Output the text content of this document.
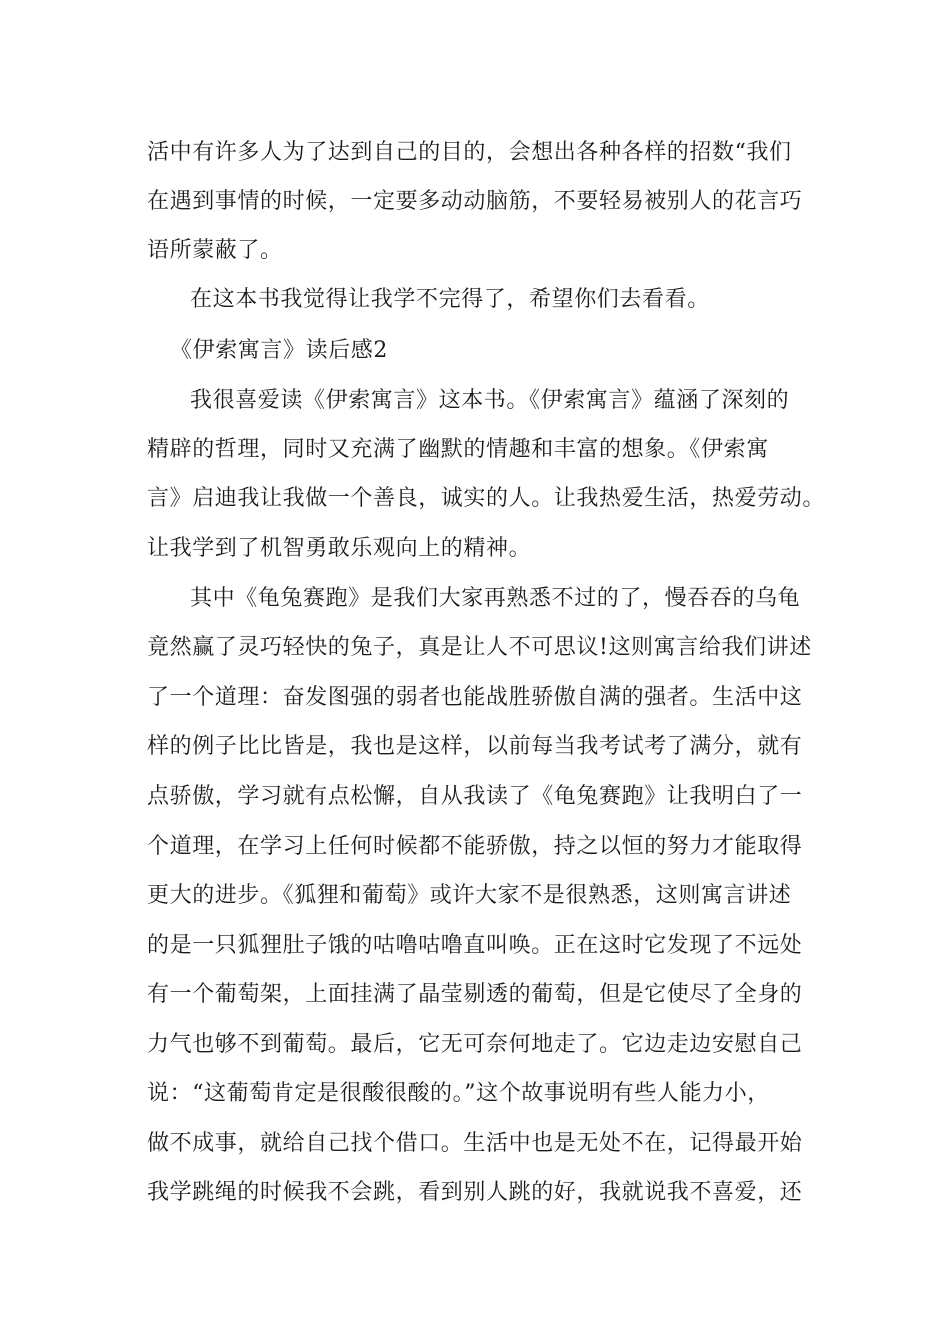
活中有许多人为了达到自己的目的，会想出各种各样的招数“我们
在遇到事情的时候，一定要多动动脑筋，不要轻易被别人的花言巧
语所蒙蔽了。
在这本书我觉得让我学不完得了，希望你们去看看。
《伊索寓言》读后感2
我很喜爱读《伊索寓言》这本书。《伊索寓言》蕴涵了深刻的
精辟的哲理，同时又充满了幽默的情趣和丰富的想象。《伊索寓
言》启迪我让我做一个善良，诚实的人。让我热爱生活，热爱劳动。
让我学到了机智勇敢乐观向上的精神。
其中《龟兔赛跑》是我们大家再熟悉不过的了，慢吞吞的乌龟
竟然赢了灵巧轻快的兔子，真是让人不可思议!这则寓言给我们讲述
了一个道理：奋发图强的弱者也能战胜骄傲自满的强者。生活中这
样的例子比比皆是，我也是这样，以前每当我考试考了满分，就有
点骄傲，学习就有点松懈，自从我读了《龟兔赛跑》让我明白了一
个道理，在学习上任何时候都不能骄傲，持之以恒的努力才能取得
更大的进步。《狐狸和葡萄》或许大家不是很熟悉，这则寓言讲述
的是一只狐狸肚子饿的咕噜咕噜直叫唤。正在这时它发现了不远处
有一个葡萄架，上面挂满了晶莹剔透的葡萄，但是它使尽了全身的
力气也够不到葡萄。最后，它无可奈何地走了。它边走边安慰自己
说：“这葡萄肯定是很酸很酸的。”这个故事说明有些人能力小，
做不成事，就给自己找个借口。生活中也是无处不在，记得最开始
我学跳绳的时候我不会跳，看到别人跳的好，我就说我不喜爱，还
